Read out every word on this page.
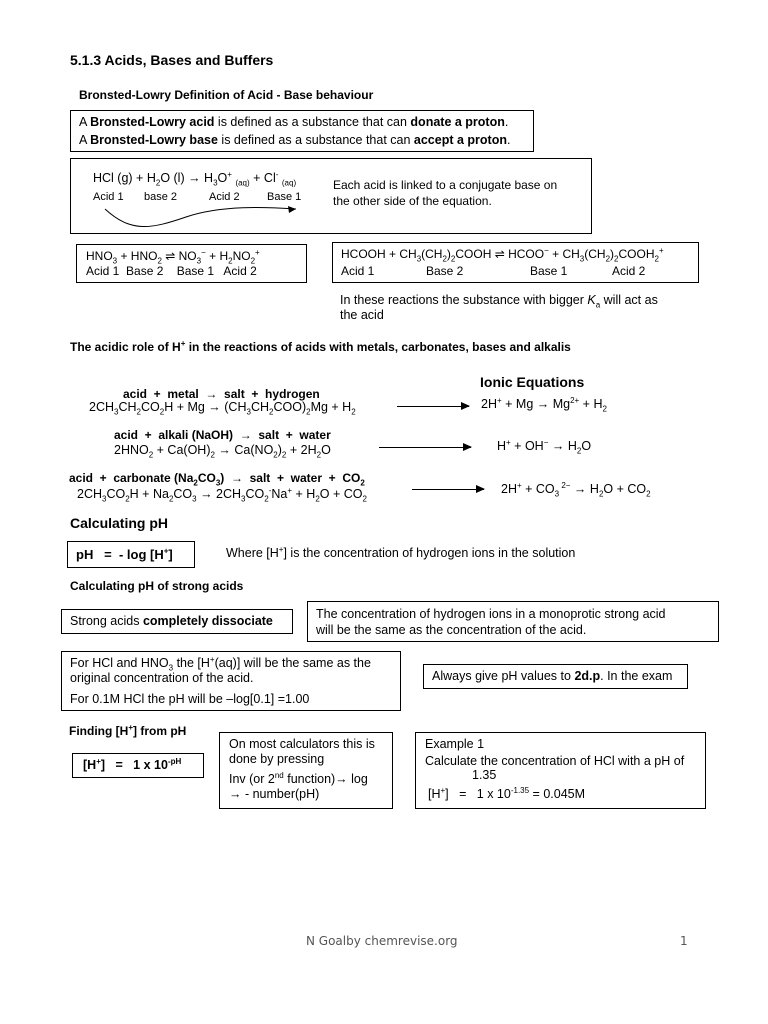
5.1.3 Acids, Bases and Buffers
Bronsted-Lowry Definition of Acid - Base behaviour
A Bronsted-Lowry acid is defined as a substance that can donate a proton.
A Bronsted-Lowry base is defined as a substance that can accept a proton.
HCl $(g) + H_2O$ $(l) \to H_3O^+$ $_{(aq)}$ + Cl- $_{(aq)}$
Acid 1 base 2	Acid 2 Base 1
Each acid is linked to a conjugate base on
the other side of the equation.
$HNO_3 + HNO_2$ ⇌ $NO_3^- + H_2NO_2^+$
Acid 1  Base 2    Base 1   Acid 2
HCOOH + $CH_3(CH_2)_2COOH$ ⇌ HCOO− + $CH_3(CH_2)_2COOH_2^+$
Acid 1	Base 2	Base 1	Acid 2
In these reactions the substance with bigger $K_a$ will act as
the acid
The acidic role of H+ in the reactions of acids with metals, carbonates, bases and alkalis
Ionic Equations
acid  +  metal  →  salt  +  hydrogen
$2CH_3CH_2CO_2H + Mg \to (CH_3CH_2COO)_2Mg + H_2$
$2H^+ + Mg \to Mg^{2+} + H_2$
acid  +  alkali (NaOH)  →  salt  +  water
$2HNO_2 + Ca(OH)_2 \to Ca(NO_2)_2 + 2H_2O$	$H^+ + OH^- \to H_2O$
acid  +  carbonate $(Na_2CO_3)$  →  salt  +  water  +  $CO_2$
$2CH_3CO_2H + Na_2CO_3 \to 2CH_3CO_2^-Na^+ + H_2O + CO_2$
$2H^+ + CO_3$ $^{2-} \to H_2O + CO_2$
Calculating pH
pH   =  - log [H+]	Where [H+] is the concentration of hydrogen ions in the solution
Calculating pH of strong acids
Strong acids completely dissociate	The concentration of hydrogen ions in a monoprotic strong acid
will be the same as the concentration of the acid.
For HCl and $HNO_3$ the [H+(aq)] will be the same as the
original concentration of the acid.
For 0.1M HCl the pH will be –log[0.1] =1.00
Always give pH values to 2d.p. In the exam
Finding [H+] from pH
[H+]   =   1 x $10^{-pH}$
On most calculators this is
done by pressing
Inv (or 2nd function)→ log
→ - number(pH)
Example 1
Calculate the concentration of HCl with a pH of
1.35
[H+]   =   1 x $10^{-1.35} = 0.045M$
N Goalby chemrevise.org	1
